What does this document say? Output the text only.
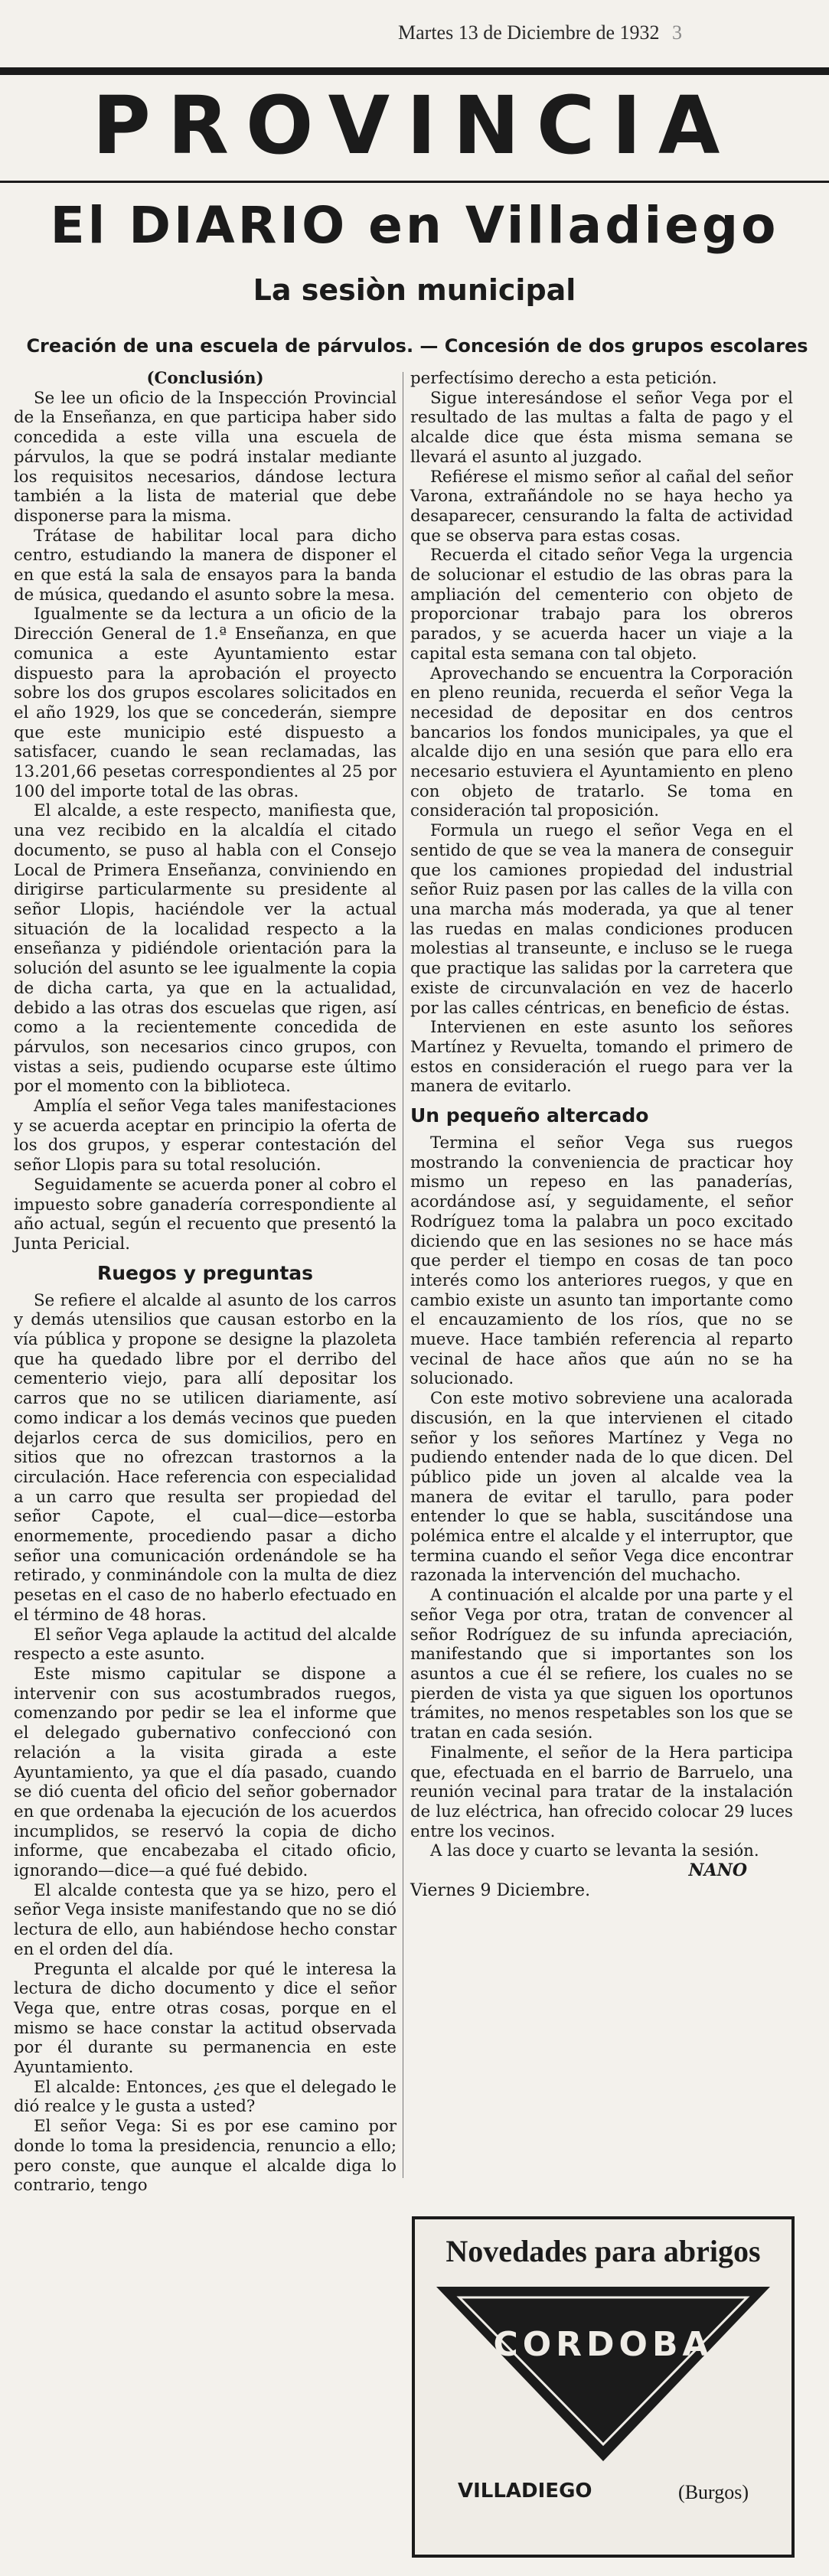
Martes 13 de Diciembre de 1932 3
PROVINCIA
El DIARIO en Villadiego
La sesiòn municipal
Creación de una escuela de párvulos. — Concesión de dos grupos escolares

(Conclusión)

Se lee un oficio de la Inspección Provincial de la Enseñanza, en que participa haber sido concedida a este villa una escuela de párvulos, la que se podrá instalar mediante los requisitos necesarios, dándose lectura también a la lista de material que debe disponerse para la misma.

Trátase de habilitar local para dicho centro, estudiando la manera de disponer el en que está la sala de ensayos para la banda de música, quedando el asunto sobre la mesa.

Igualmente se da lectura a un oficio de la Dirección General de 1.ª Enseñanza, en que comunica a este Ayuntamiento estar dispuesto para la aprobación el proyecto sobre los dos grupos escolares solicitados en el año 1929, los que se concederán, siempre que este municipio esté dispuesto a satisfacer, cuando le sean reclamadas, las 13.201,66 pesetas correspondientes al 25 por 100 del importe total de las obras.

El alcalde, a este respecto, manifiesta que, una vez recibido en la alcaldía el citado documento, se puso al habla con el Consejo Local de Primera Enseñanza, conviniendo en dirigirse particularmente su presidente al señor Llopis, haciéndole ver la actual situación de la localidad respecto a la enseñanza y pidiéndole orientación para la solución del asunto se lee igualmente la copia de dicha carta, ya que en la actualidad, debido a las otras dos escuelas que rigen, así como a la recientemente concedida de párvulos, son necesarios cinco grupos, con vistas a seis, pudiendo ocuparse este último por el momento con la biblioteca.

Amplía el señor Vega tales manifestaciones y se acuerda aceptar en principio la oferta de los dos grupos, y esperar contestación del señor Llopis para su total resolución.

Seguidamente se acuerda poner al cobro el impuesto sobre ganadería correspondiente al año actual, según el recuento que presentó la Junta Pericial.

Ruegos y preguntas

Se refiere el alcalde al asunto de los carros y demás utensilios que causan estorbo en la vía pública y propone se designe la plazoleta que ha quedado libre por el derribo del cementerio viejo, para allí depositar los carros que no se utilicen diariamente, así como indicar a los demás vecinos que pueden dejarlos cerca de sus domicilios, pero en sitios que no ofrezcan trastornos a la circulación. Hace referencia con especialidad a un carro que resulta ser propiedad del señor Capote, el cual—dice—estorba enormemente, procediendo pasar a dicho señor una comunicación ordenándole se ha retirado, y conminándole con la multa de diez pesetas en el caso de no haberlo efectuado en el término de 48 horas.

El señor Vega aplaude la actitud del alcalde respecto a este asunto.

Este mismo capitular se dispone a intervenir con sus acostumbrados ruegos, comenzando por pedir se lea el informe que el delegado gubernativo confeccionó con relación a la visita girada a este Ayuntamiento, ya que el día pasado, cuando se dió cuenta del oficio del señor gobernador en que ordenaba la ejecución de los acuerdos incumplidos, se reservó la copia de dicho informe, que encabezaba el citado oficio, ignorando—dice—a qué fué debido.

El alcalde contesta que ya se hizo, pero el señor Vega insiste manifestando que no se dió lectura de ello, aun habiéndose hecho constar en el orden del día.

Pregunta el alcalde por qué le interesa la lectura de dicho documento y dice el señor Vega que, entre otras cosas, porque en el mismo se hace constar la actitud observada por él durante su permanencia en este Ayuntamiento.

El alcalde: Entonces, ¿es que el delegado le dió realce y le gusta a usted?

El señor Vega: Si es por ese camino por donde lo toma la presidencia, renuncio a ello; pero conste, que aunque el alcalde diga lo contrario, tengo

perfectísimo derecho a esta petición.

Sigue interesándose el señor Vega por el resultado de las multas a falta de pago y el alcalde dice que ésta misma semana se llevará el asunto al juzgado.

Refiérese el mismo señor al cañal del señor Varona, extrañándole no se haya hecho ya desaparecer, censurando la falta de actividad que se observa para estas cosas.

Recuerda el citado señor Vega la urgencia de solucionar el estudio de las obras para la ampliación del cementerio con objeto de proporcionar trabajo para los obreros parados, y se acuerda hacer un viaje a la capital esta semana con tal objeto.

Aprovechando se encuentra la Corporación en pleno reunida, recuerda el señor Vega la necesidad de depositar en dos centros bancarios los fondos municipales, ya que el alcalde dijo en una sesión que para ello era necesario estuviera el Ayuntamiento en pleno con objeto de tratarlo. Se toma en consideración tal proposición.

Formula un ruego el señor Vega en el sentido de que se vea la manera de conseguir que los camiones propiedad del industrial señor Ruiz pasen por las calles de la villa con una marcha más moderada, ya que al tener las ruedas en malas condiciones producen molestias al transeunte, e incluso se le ruega que practique las salidas por la carretera que existe de circunvalación en vez de hacerlo por las calles céntricas, en beneficio de éstas.

Intervienen en este asunto los señores Martínez y Revuelta, tomando el primero de estos en consideración el ruego para ver la manera de evitarlo.

Un pequeño altercado

Termina el señor Vega sus ruegos mostrando la conveniencia de practicar hoy mismo un repeso en las panaderías, acordándose así, y seguidamente, el señor Rodríguez toma la palabra un poco excitado diciendo que en las sesiones no se hace más que perder el tiempo en cosas de tan poco interés como los anteriores ruegos, y que en cambio existe un asunto tan importante como el encauzamiento de los ríos, que no se mueve. Hace también referencia al reparto vecinal de hace años que aún no se ha solucionado.

Con este motivo sobreviene una acalorada discusión, en la que intervienen el citado señor y los señores Martínez y Vega no pudiendo entender nada de lo que dicen. Del público pide un joven al alcalde vea la manera de evitar el tarullo, para poder entender lo que se habla, suscitándose una polémica entre el alcalde y el interruptor, que termina cuando el señor Vega dice encontrar razonada la intervención del muchacho.

A continuación el alcalde por una parte y el señor Vega por otra, tratan de convencer al señor Rodríguez de su infunda apreciación, manifestando que si importantes son los asuntos a cue él se refiere, los cuales no se pierden de vista ya que siguen los oportunos trámites, no menos respetables son los que se tratan en cada sesión.

Finalmente, el señor de la Hera participa que, efectuada en el barrio de Barruelo, una reunión vecinal para tratar de la instalación de luz eléctrica, han ofrecido colocar 29 luces entre los vecinos.

A las doce y cuarto se levanta la sesión.

NANO

Viernes 9 Diciembre.

Novedades para abrigos
CORDOBA
VILLADIEGO	(Burgos)
